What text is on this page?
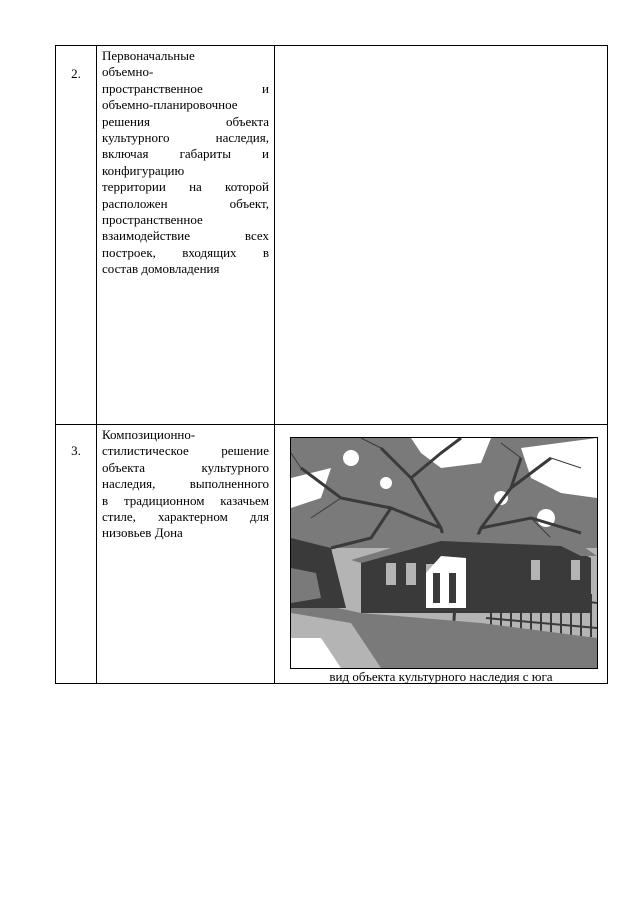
2.
Первоначальные
объемно-
пространственное и
объемно-планировочное
решения объекта
культурного наследия,
включая габариты и
конфигурацию
территории на которой
расположен объект,
пространственное
взаимодействие всех
построек, входящих в
состав домовладения
3.
Композиционно-
стилистическое решение
объекта культурного
наследия, выполненного
в традиционном казачьем
стиле, характерном для
низовьев Дона
вид объекта культурного наследия с юга
